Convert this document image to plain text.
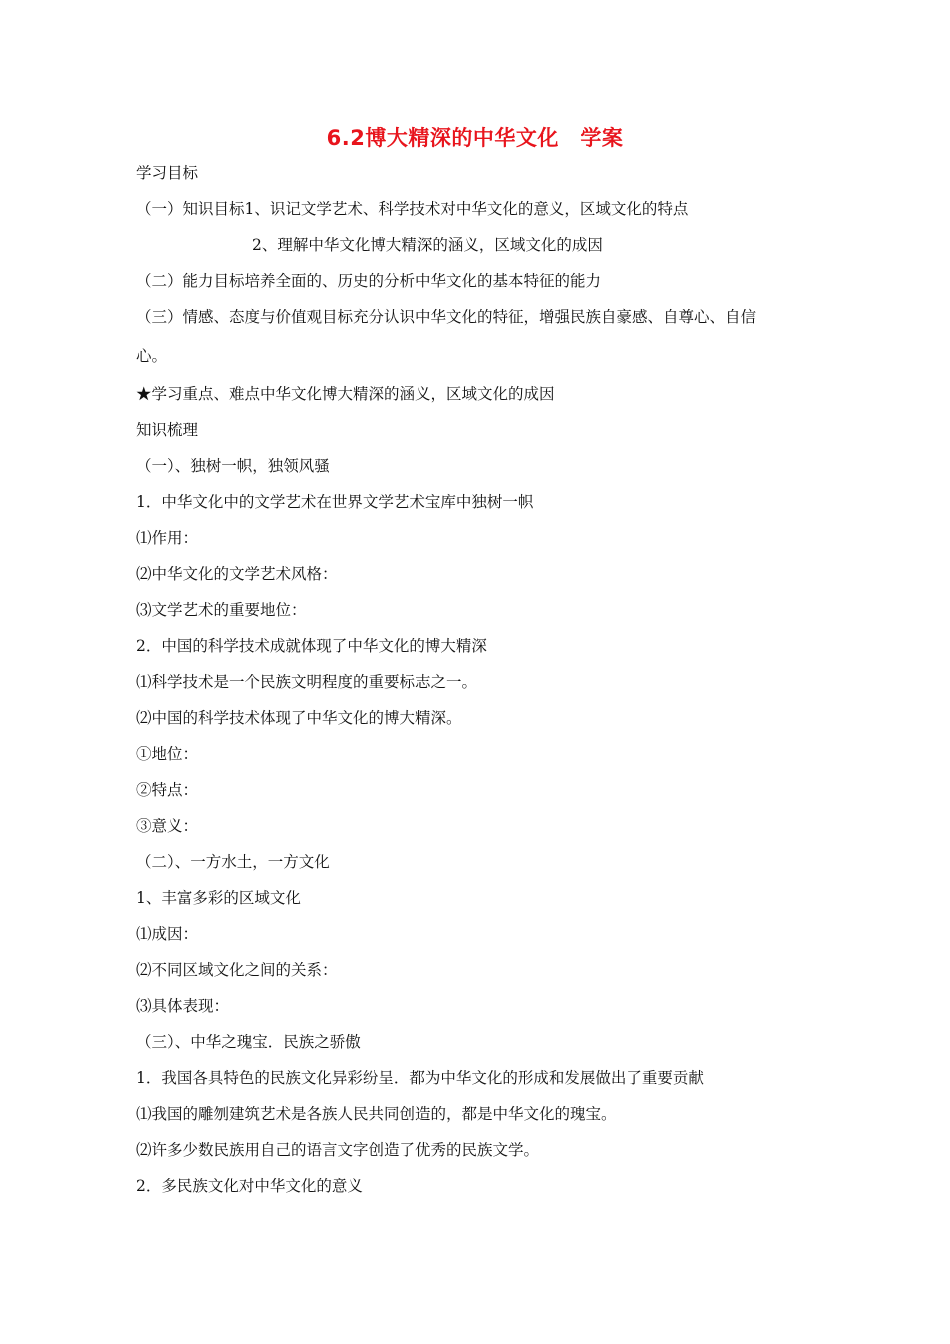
6.2博大精深的中华文化　学案
学习目标
（一）知识目标1、识记文学艺术、科学技术对中华文化的意义，区域文化的特点
2、理解中华文化博大精深的涵义，区域文化的成因
（二）能力目标培养全面的、历史的分析中华文化的基本特征的能力
（三）情感、态度与价值观目标充分认识中华文化的特征，增强民族自豪感、自尊心、自信
心。
★学习重点、难点中华文化博大精深的涵义，区域文化的成因
知识梳理
（一）、独树一帜，独领风骚
1．中华文化中的文学艺术在世界文学艺术宝库中独树一帜
⑴作用：
⑵中华文化的文学艺术风格：
⑶文学艺术的重要地位：
2．中国的科学技术成就体现了中华文化的博大精深
⑴科学技术是一个民族文明程度的重要标志之一。
⑵中国的科学技术体现了中华文化的博大精深。
①地位：
②特点：
③意义：
（二）、一方水土，一方文化
1、丰富多彩的区域文化
⑴成因：
⑵不同区域文化之间的关系：
⑶具体表现：
（三）、中华之瑰宝．民族之骄傲
1．我国各具特色的民族文化异彩纷呈．都为中华文化的形成和发展做出了重要贡献
⑴我国的雕刎建筑艺术是各族人民共同创造的，都是中华文化的瑰宝。
⑵许多少数民族用自己的语言文字创造了优秀的民族文学。
2．多民族文化对中华文化的意义
